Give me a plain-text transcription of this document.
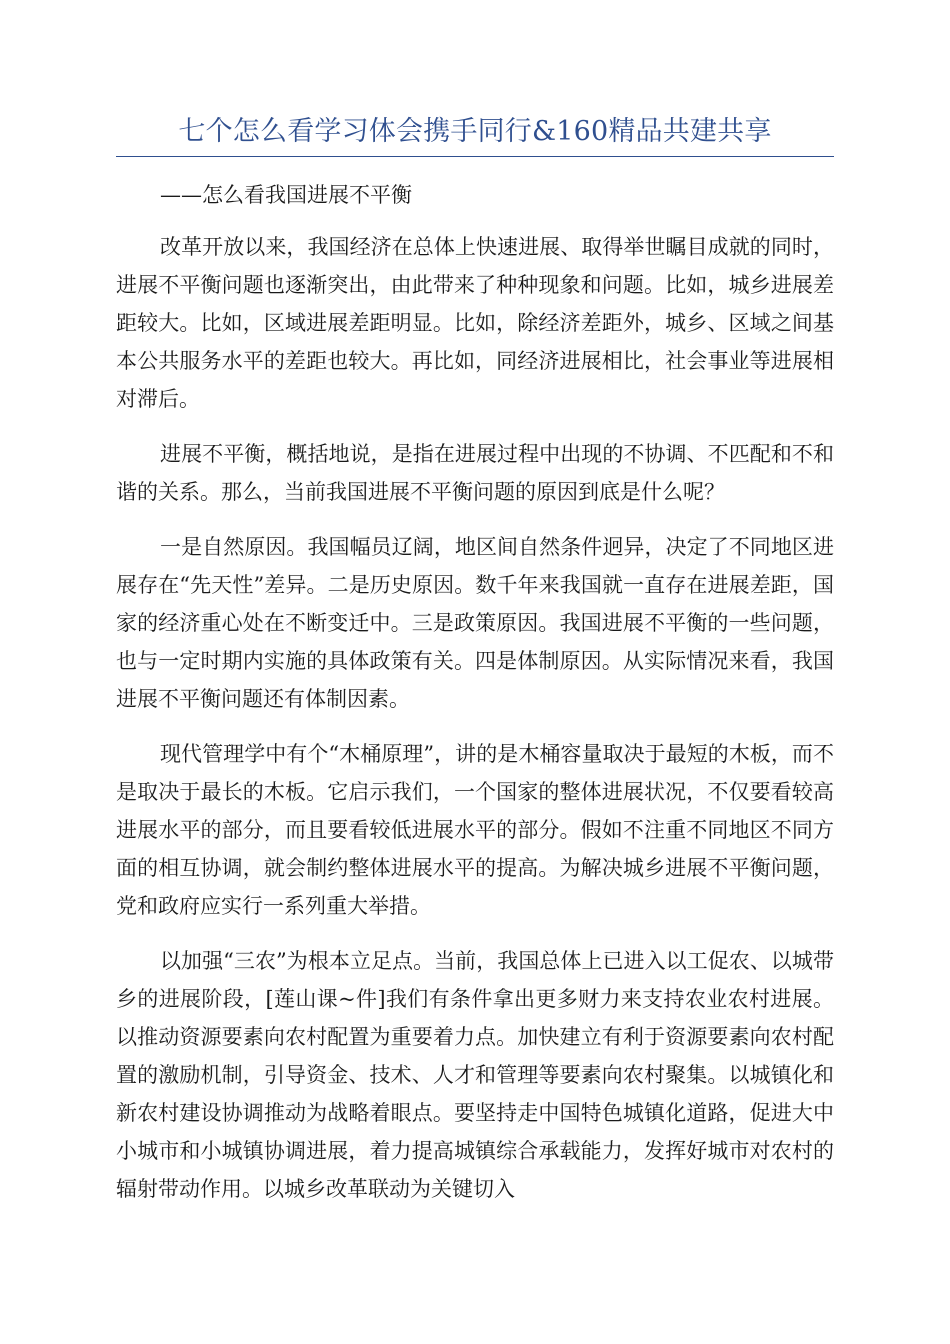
七个怎么看学习体会携手同行&160精品共建共享

——怎么看我国进展不平衡

改革开放以来，我国经济在总体上快速进展、取得举世瞩目成就的同时，进展不平衡问题也逐渐突出，由此带来了种种现象和问题。比如，城乡进展差距较大。比如，区域进展差距明显。比如，除经济差距外，城乡、区域之间基本公共服务水平的差距也较大。再比如，同经济进展相比，社会事业等进展相对滞后。

进展不平衡，概括地说，是指在进展过程中出现的不协调、不匹配和不和谐的关系。那么，当前我国进展不平衡问题的原因到底是什么呢？

一是自然原因。我国幅员辽阔，地区间自然条件迥异，决定了不同地区进展存在“先天性”差异。二是历史原因。数千年来我国就一直存在进展差距，国家的经济重心处在不断变迁中。三是政策原因。我国进展不平衡的一些问题，也与一定时期内实施的具体政策有关。四是体制原因。从实际情况来看，我国进展不平衡问题还有体制因素。

现代管理学中有个“木桶原理”，讲的是木桶容量取决于最短的木板，而不是取决于最长的木板。它启示我们，一个国家的整体进展状况，不仅要看较高进展水平的部分，而且要看较低进展水平的部分。假如不注重不同地区不同方面的相互协调，就会制约整体进展水平的提高。为解决城乡进展不平衡问题，党和政府应实行一系列重大举措。

以加强“三农”为根本立足点。当前，我国总体上已进入以工促农、以城带乡的进展阶段，[莲山课~件]我们有条件拿出更多财力来支持农业农村进展。以推动资源要素向农村配置为重要着力点。加快建立有利于资源要素向农村配置的激励机制，引导资金、技术、人才和管理等要素向农村聚集。以城镇化和新农村建设协调推动为战略着眼点。要坚持走中国特色城镇化道路，促进大中小城市和小城镇协调进展，着力提高城镇综合承载能力，发挥好城市对农村的辐射带动作用。以城乡改革联动为关键切入
